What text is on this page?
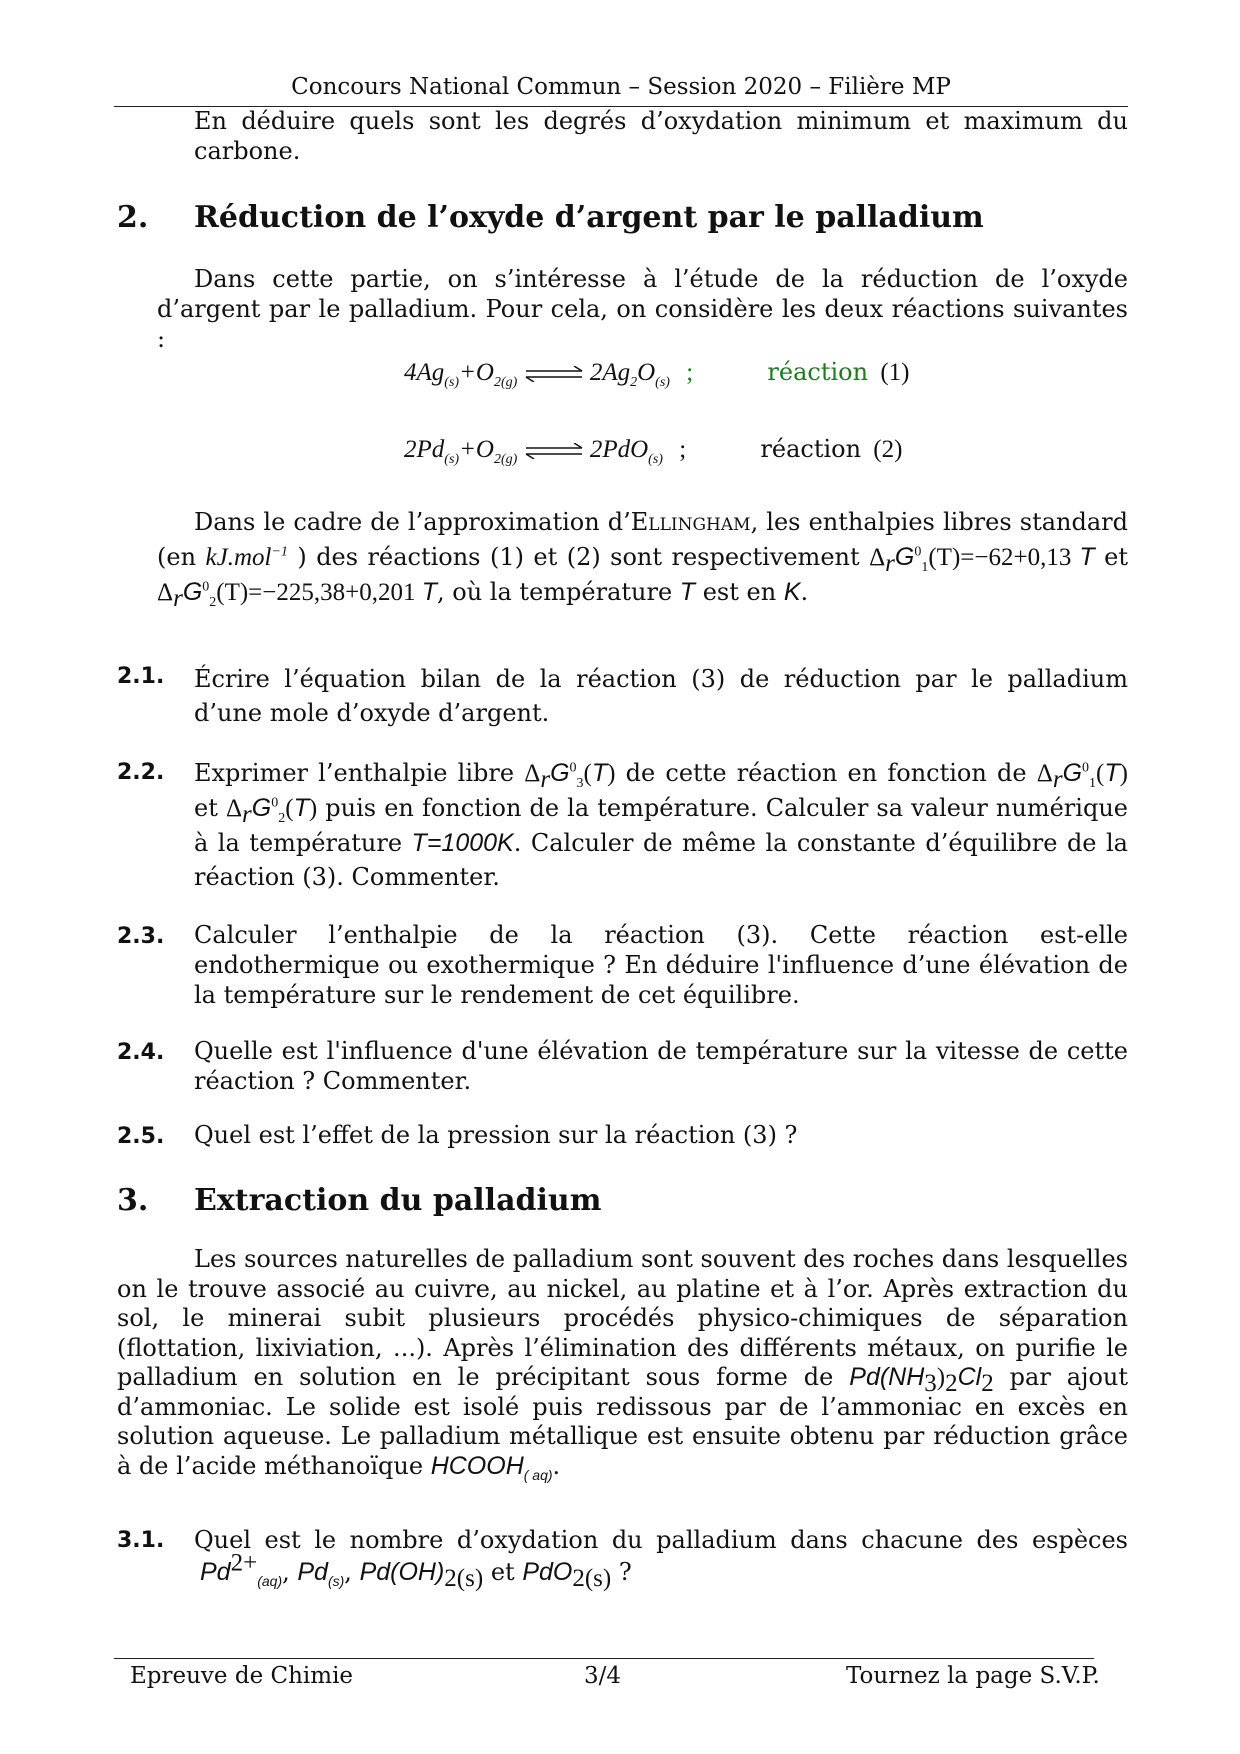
Concours National Commun – Session 2020 – Filière MP

En déduire quels sont les degrés d’oxydation minimum et maximum du carbone.

2. Réduction de l’oxyde d’argent par le palladium

Dans cette partie, on s’intéresse à l’étude de la réduction de l’oxyde d’argent par le palladium. Pour cela, on considère les deux réactions suivantes :

$4Ag_{(s)}+O_{2(g)}$ ⇌ $2Ag_2O_{(s)}$ ;	réaction (1)
$2Pd_{(s)}+O_{2(g)}$ ⇌ 2PdO$_{(s)}$ ;	réaction (2)

Dans le cadre de l’approximation d’Ellingham, les enthalpies libres standard (en kJ.mol$^{-1}$ ) des réactions (1) et (2) sont respectivement $\Delta_rG^0_1(T)=-62+0,13$ T et $\Delta_rG^0_2(T)=-225,38+0,201$ T, où la température T est en K.

2.1. Écrire l’équation bilan de la réaction (3) de réduction par le palladium d’une mole d’oxyde d’argent.

2.2. Exprimer l’enthalpie libre $\Delta_rG^0_3(T)$ de cette réaction en fonction de $\Delta_rG^0_1(T)$ et $\Delta_rG^0_2(T)$ puis en fonction de la température. Calculer sa valeur numérique à la température T=1000K. Calculer de même la constante d’équilibre de la réaction (3). Commenter.

2.3. Calculer l’enthalpie de la réaction (3). Cette réaction est-elle endothermique ou exothermique ? En déduire l'influence d’une élévation de la température sur le rendement de cet équilibre.

2.4. Quelle est l'influence d'une élévation de température sur la vitesse de cette réaction ? Commenter.

2.5. Quel est l’effet de la pression sur la réaction (3) ?

3. Extraction du palladium

Les sources naturelles de palladium sont souvent des roches dans lesquelles on le trouve associé au cuivre, au nickel, au platine et à l’or. Après extraction du sol, le minerai subit plusieurs procédés physico-chimiques de séparation (flottation, lixiviation, ...). Après l’élimination des différents métaux, on purifie le palladium en solution en le précipitant sous forme de $Pd(NH_3)_2Cl_2$ par ajout d’ammoniac. Le solide est isolé puis redissous par de l’ammoniac en excès en solution aqueuse. Le palladium métallique est ensuite obtenu par réduction grâce à de l’acide méthanoïque $HCOOH_{( aq)}$.

3.1. Quel est le nombre d’oxydation du palladium dans chacune des espèces $Pd^{2+}_{(aq)}$, $Pd_{(s)}$, $Pd(OH)_{2(s)}$ et PdO$_{2(s)}$ ?

Epreuve de Chimie	3/4	Tournez la page S.V.P.
